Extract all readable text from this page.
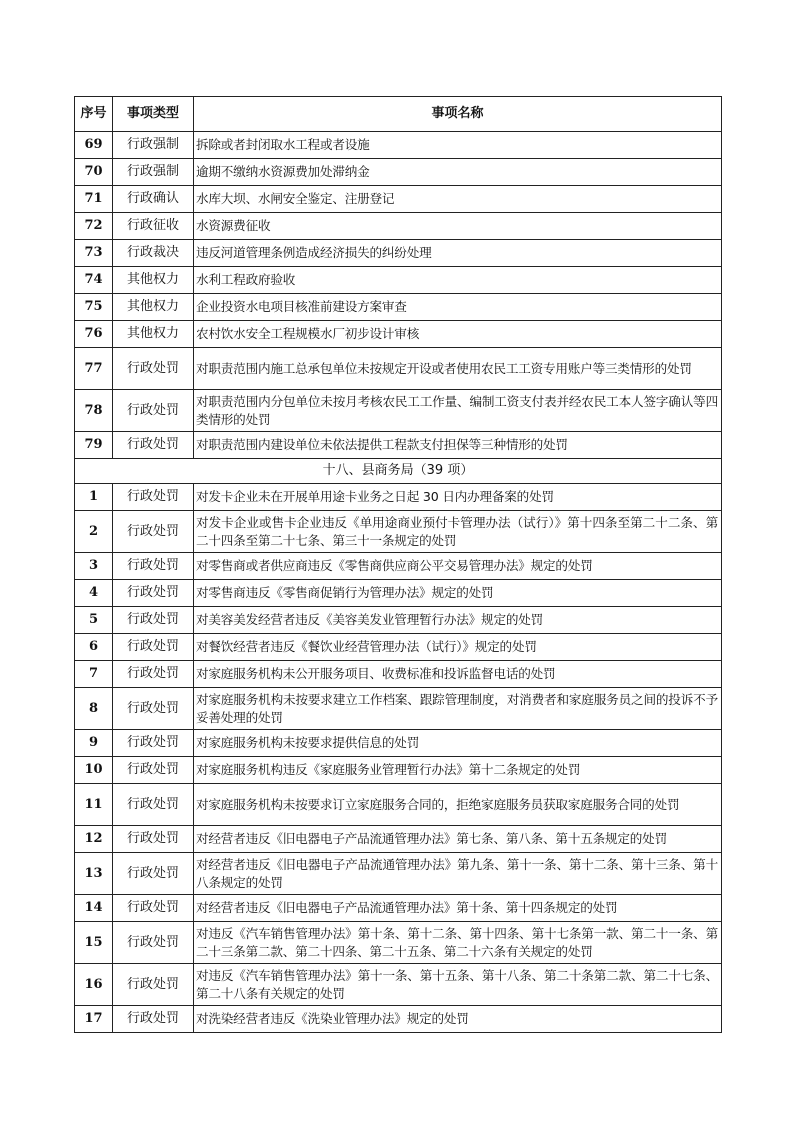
序号	事项类型	事项名称
69	行政强制	拆除或者封闭取水工程或者设施
70	行政强制	逾期不缴纳水资源费加处滞纳金
71	行政确认	水库大坝、水闸安全鉴定、注册登记
72	行政征收	水资源费征收
73	行政裁决	违反河道管理条例造成经济损失的纠纷处理
74	其他权力	水利工程政府验收
75	其他权力	企业投资水电项目核准前建设方案审查
76	其他权力	农村饮水安全工程规模水厂初步设计审核
77	行政处罚	对职责范围内施工总承包单位未按规定开设或者使用农民工工资专用账户等三类情形的处罚
78	行政处罚	对职责范围内分包单位未按月考核农民工工作量、编制工资支付表并经农民工本人签字确认等四类情形的处罚
79	行政处罚	对职责范围内建设单位未依法提供工程款支付担保等三种情形的处罚
十八、县商务局（39 项）		
1	行政处罚	对发卡企业未在开展单用途卡业务之日起 30 日内办理备案的处罚
2	行政处罚	对发卡企业或售卡企业违反《单用途商业预付卡管理办法（试行）》第十四条至第二十二条、第二十四条至第二十七条、第三十一条规定的处罚
3	行政处罚	对零售商或者供应商违反《零售商供应商公平交易管理办法》规定的处罚
4	行政处罚	对零售商违反《零售商促销行为管理办法》规定的处罚
5	行政处罚	对美容美发经营者违反《美容美发业管理暂行办法》规定的处罚
6	行政处罚	对餐饮经营者违反《餐饮业经营管理办法（试行）》规定的处罚
7	行政处罚	对家庭服务机构未公开服务项目、收费标准和投诉监督电话的处罚
8	行政处罚	对家庭服务机构未按要求建立工作档案、跟踪管理制度，对消费者和家庭服务员之间的投诉不予妥善处理的处罚
9	行政处罚	对家庭服务机构未按要求提供信息的处罚
10	行政处罚	对家庭服务机构违反《家庭服务业管理暂行办法》第十二条规定的处罚
11	行政处罚	对家庭服务机构未按要求订立家庭服务合同的，拒绝家庭服务员获取家庭服务合同的处罚
12	行政处罚	对经营者违反《旧电器电子产品流通管理办法》第七条、第八条、第十五条规定的处罚
13	行政处罚	对经营者违反《旧电器电子产品流通管理办法》第九条、第十一条、第十二条、第十三条、第十八条规定的处罚
14	行政处罚	对经营者违反《旧电器电子产品流通管理办法》第十条、第十四条规定的处罚
15	行政处罚	对违反《汽车销售管理办法》第十条、第十二条、第十四条、第十七条第一款、第二十一条、第二十三条第二款、第二十四条、第二十五条、第二十六条有关规定的处罚
16	行政处罚	对违反《汽车销售管理办法》第十一条、第十五条、第十八条、第二十条第二款、第二十七条、第二十八条有关规定的处罚
17	行政处罚	对洗染经营者违反《洗染业管理办法》规定的处罚
